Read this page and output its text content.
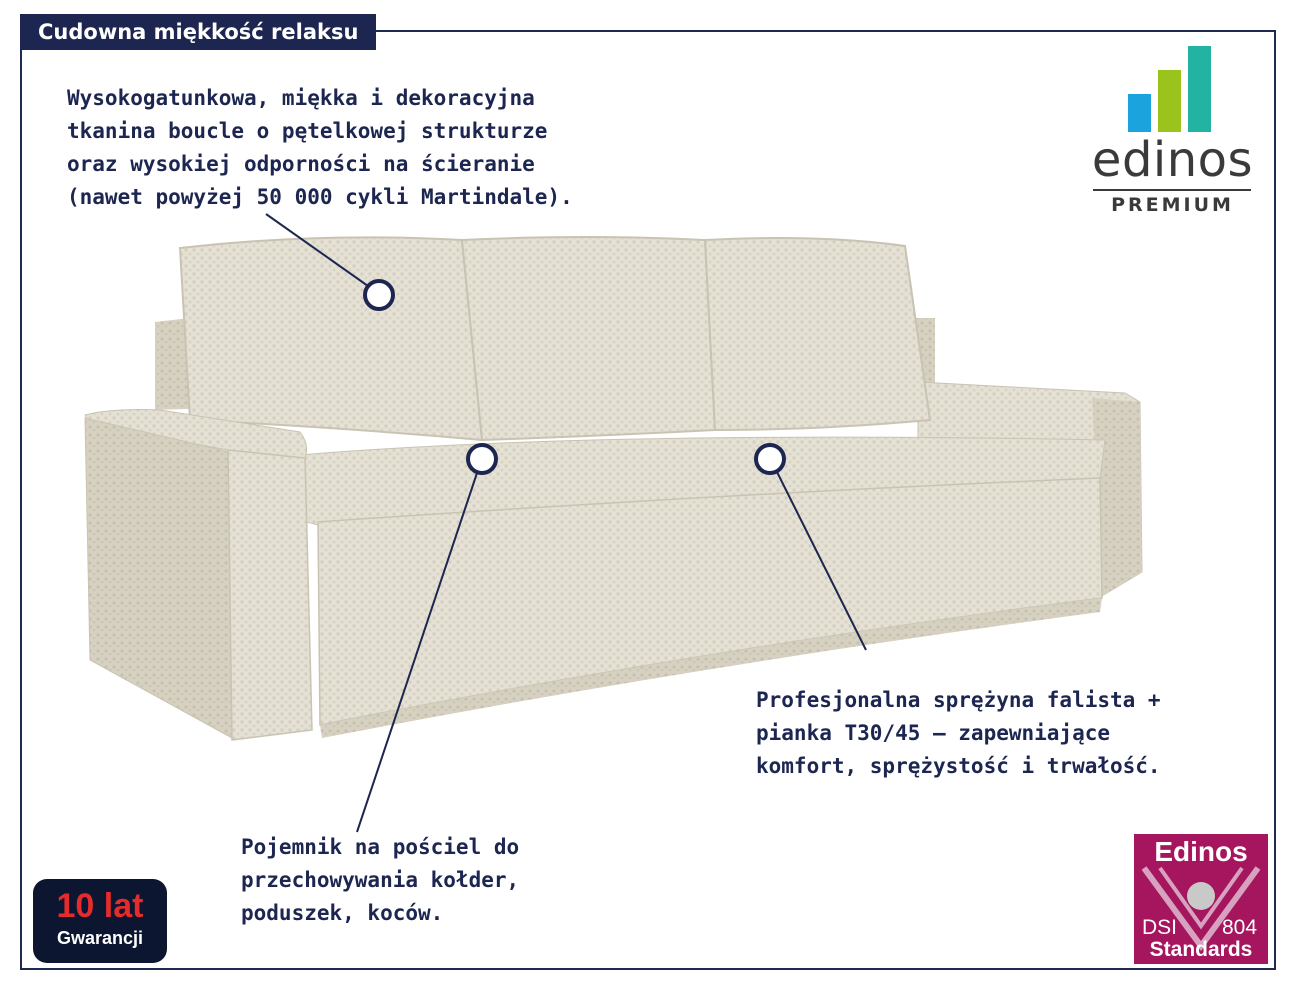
Cudowna miękkość relaksu
Wysokogatunkowa, miękka i dekoracyjna
tkanina boucle o pętelkowej strukturze
oraz wysokiej odporności na ścieranie
(nawet powyżej 50 000 cykli Martindale).
Profesjonalna sprężyna falista +
pianka T30/45 – zapewniające
komfort, sprężystość i trwałość.
Pojemnik na pościel do
przechowywania kołder,
poduszek, koców.
edinos
PREMIUM
10 lat
Gwarancji
Edinos
DSI 804
Standards
